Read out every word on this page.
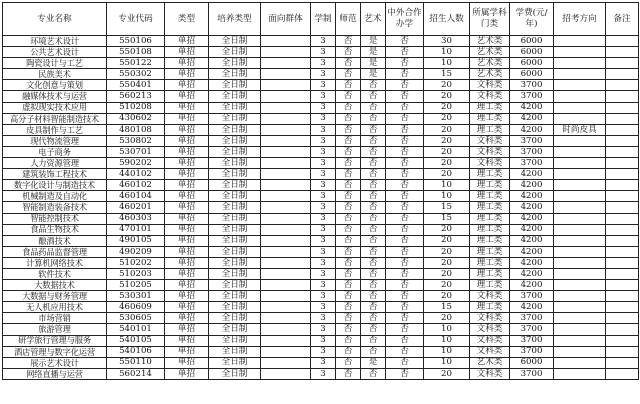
专业名称	专业代码	类型	培养类型	面向群体	学制	师范	艺术	中外合作办学	招生人数	所属学科门类	学费(元/年)	招考方向	备注
环境艺术设计	550106	单招	全日制		3	否	是	否	30	艺术类	6000		
公共艺术设计	550108	单招	全日制		3	否	是	否	10	艺术类	6000		
陶瓷设计与工艺	550122	单招	全日制		3	否	是	否	10	艺术类	6000		
民族美术	550302	单招	全日制		3	否	是	否	15	艺术类	6000		
文化创意与策划	550401	单招	全日制		3	否	否	否	20	文科类	3700		
融媒体技术与运营	560213	单招	全日制		3	否	否	否	20	文科类	3700		
虚拟现实技术应用	510208	单招	全日制		3	否	否	否	20	理工类	4200		
高分子材料智能制造技术	430602	单招	全日制		3	否	否	否	20	理工类	4200		
皮具制作与工艺	480108	单招	全日制		3	否	否	否	20	理工类	4200	时尚皮具	
现代物流管理	530802	单招	全日制		3	否	否	否	20	文科类	3700		
电子商务	530701	单招	全日制		3	否	否	否	20	文科类	3700		
人力资源管理	590202	单招	全日制		3	否	否	否	20	文科类	3700		
建筑装饰工程技术	440102	单招	全日制		3	否	否	否	20	理工类	4200		
数字化设计与制造技术	460102	单招	全日制		3	否	否	否	10	理工类	4200		
机械制造及自动化	460104	单招	全日制		3	否	否	否	10	理工类	4200		
智能制造装备技术	460201	单招	全日制		3	否	否	否	15	理工类	4200		
智能控制技术	460303	单招	全日制		3	否	否	否	15	理工类	4200		
食品生物技术	470101	单招	全日制		3	否	否	否	20	理工类	4200		
酿酒技术	490105	单招	全日制		3	否	否	否	20	理工类	4200		
食品药品监督管理	490209	单招	全日制		3	否	否	否	20	理工类	4200		
计算机网络技术	510202	单招	全日制		3	否	否	否	20	理工类	4200		
软件技术	510203	单招	全日制		3	否	否	否	20	理工类	4200		
大数据技术	510205	单招	全日制		3	否	否	否	20	理工类	4200		
大数据与财务管理	530301	单招	全日制		3	否	否	否	20	文科类	3700		
无人机应用技术	460609	单招	全日制		3	否	否	否	15	理工类	4200		
市场营销	530605	单招	全日制		3	否	否	否	20	文科类	3700		
旅游管理	540101	单招	全日制		3	否	否	否	10	文科类	3700		
研学旅行管理与服务	540105	单招	全日制		3	否	否	否	10	文科类	3700		
酒店管理与数字化运营	540106	单招	全日制		3	否	否	否	10	文科类	3700		
展示艺术设计	550110	单招	全日制		3	否	是	否	10	艺术类	6000		
网络直播与运营	560214	单招	全日制		3	否	否	否	20	文科类	3700		
